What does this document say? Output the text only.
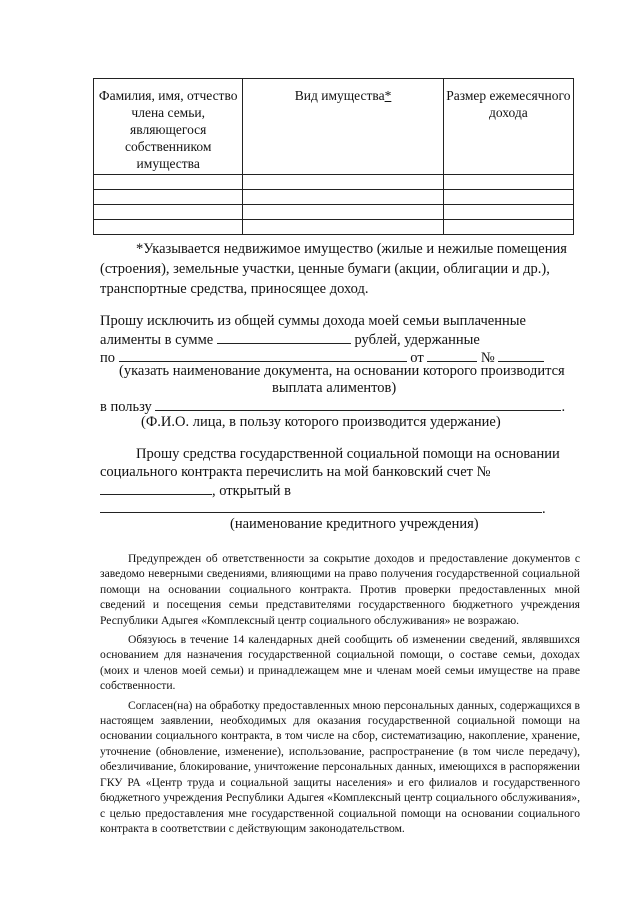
Фамилия, имя, отчество члена семьи, являющегося собственником имущества	Вид имущества*	Размер ежемесячного дохода

*Указывается недвижимое имущество (жилые и нежилые помещения
(строения), земельные участки, ценные бумаги (акции, облигации и др.),
транспортные средства, приносящее доход.
Прошу исключить из общей суммы дохода моей семьи выплаченные
алименты в сумме	рублей, удержанные
по	от	№
(указать наименование документа, на основании которого производится
выплата алиментов)
в пользу	.
(Ф.И.О. лица, в пользу которого производится удержание)
Прошу средства государственной социальной помощи на основании
социального контракта перечислить на мой банковский счет №
, открытый в
.
(наименование кредитного учреждения)

Предупрежден об ответственности за сокрытие доходов и предоставление документов с заведомо неверными сведениями, влияющими на право получения государственной социальной помощи на основании социального контракта. Против проверки предоставленных мной сведений и посещения семьи представителями государственного бюджетного учреждения Республики Адыгея «Комплексный центр социального обслуживания» не возражаю.

Обязуюсь в течение 14 календарных дней сообщить об изменении сведений, являвшихся основанием для назначения государственной социальной помощи, о составе семьи, доходах (моих и членов моей семьи) и принадлежащем мне и членам моей семьи имуществе на праве собственности.

Согласен(на) на обработку предоставленных мною персональных данных, содержащихся в настоящем заявлении, необходимых для оказания государственной социальной помощи на основании социального контракта, в том числе на сбор, систематизацию, накопление, хранение, уточнение (обновление, изменение), использование, распространение (в том числе передачу), обезличивание, блокирование, уничтожение персональных данных, имеющихся в распоряжении ГКУ РА «Центр труда и социальной защиты населения» и его филиалов и государственного бюджетного учреждения Республики Адыгея «Комплексный центр социального обслуживания», с целью предоставления мне государственной социальной помощи на основании социального контракта в соответствии с действующим законодательством.
